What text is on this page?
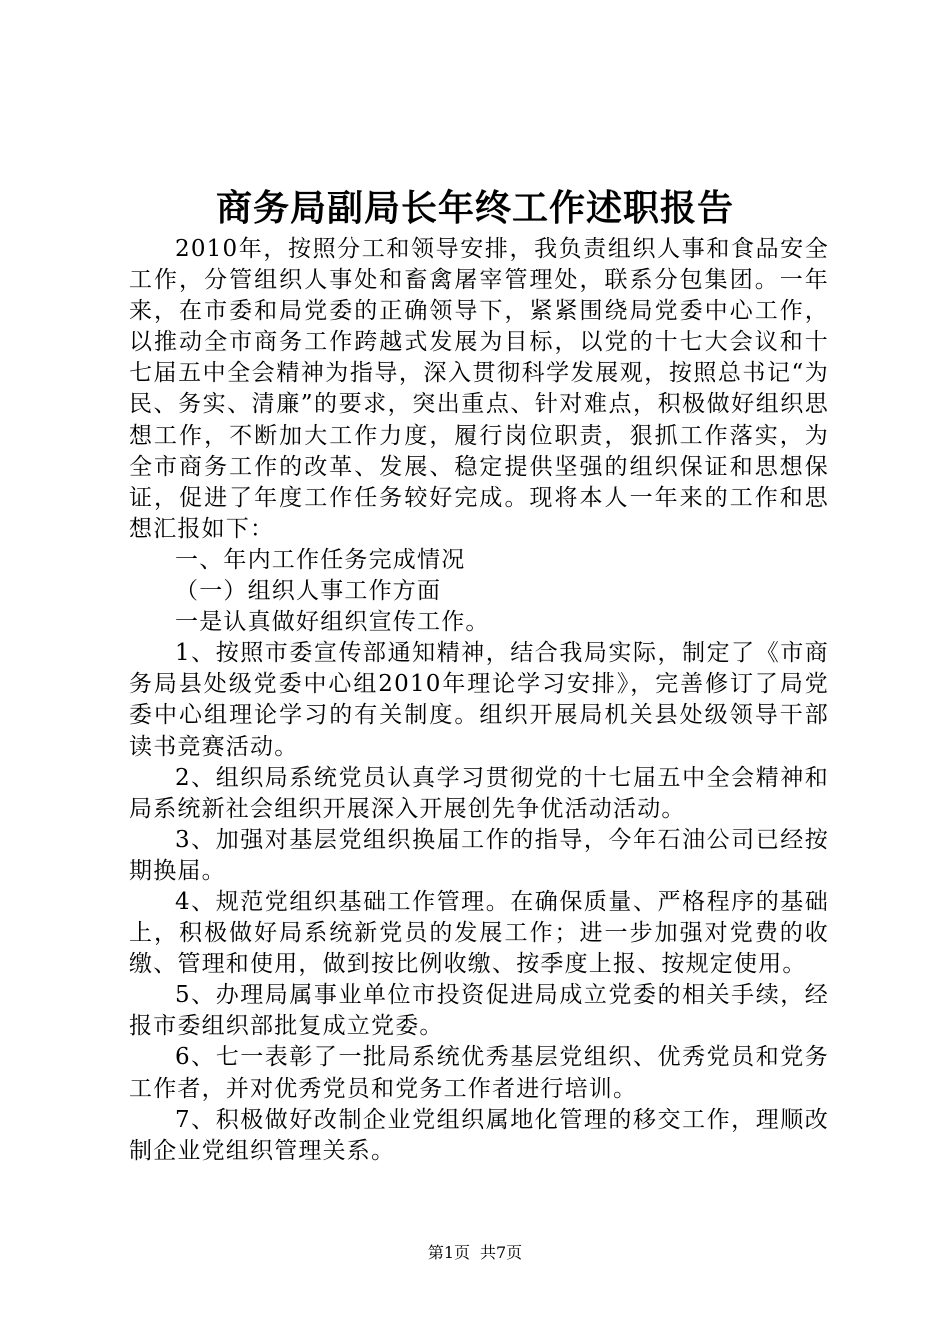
商务局副局长年终工作述职报告

2010年，按照分工和领导安排，我负责组织人事和食品安全工作，分管组织人事处和畜禽屠宰管理处，联系分包集团。一年来，在市委和局党委的正确领导下，紧紧围绕局党委中心工作，以推动全市商务工作跨越式发展为目标，以党的十七大会议和十七届五中全会精神为指导，深入贯彻科学发展观，按照总书记“为民、务实、清廉”的要求，突出重点、针对难点，积极做好组织思想工作，不断加大工作力度，履行岗位职责，狠抓工作落实，为全市商务工作的改革、发展、稳定提供坚强的组织保证和思想保证，促进了年度工作任务较好完成。现将本人一年来的工作和思想汇报如下：

一、年内工作任务完成情况

（一）组织人事工作方面

一是认真做好组织宣传工作。

1、按照市委宣传部通知精神，结合我局实际，制定了《市商务局县处级党委中心组2010年理论学习安排》，完善修订了局党委中心组理论学习的有关制度。组织开展局机关县处级领导干部读书竞赛活动。

2、组织局系统党员认真学习贯彻党的十七届五中全会精神和局系统新社会组织开展深入开展创先争优活动活动。

3、加强对基层党组织换届工作的指导，今年石油公司已经按期换届。

4、规范党组织基础工作管理。在确保质量、严格程序的基础上，积极做好局系统新党员的发展工作；进一步加强对党费的收缴、管理和使用，做到按比例收缴、按季度上报、按规定使用。

5、办理局属事业单位市投资促进局成立党委的相关手续，经报市委组织部批复成立党委。

6、七一表彰了一批局系统优秀基层党组织、优秀党员和党务工作者，并对优秀党员和党务工作者进行培训。

7、积极做好改制企业党组织属地化管理的移交工作，理顺改制企业党组织管理关系。

第1页 共7页
